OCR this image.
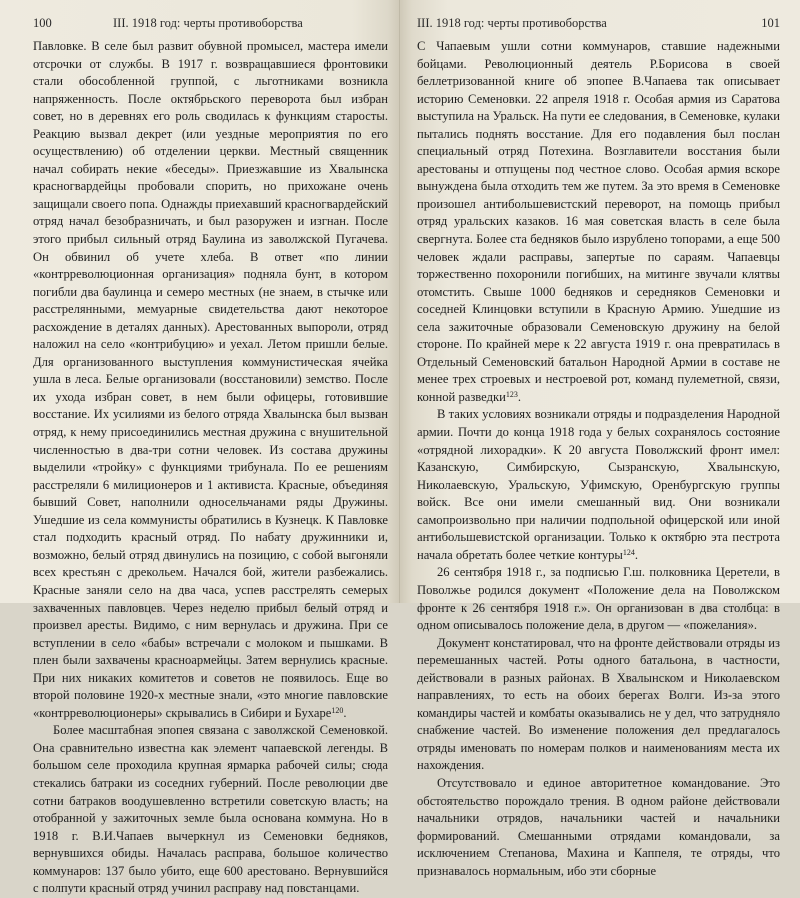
100	III. 1918 год: черты противоборства

Павловке. В селе был развит обувной промысел, мастера имели отсрочки от службы. В 1917 г. возвращавшиеся фронтовики стали обособленной группой, с льготниками возникла напряженность. После октябрьского переворота был избран совет, но в деревнях его роль сводилась к функциям старосты. Реакцию вызвал декрет (или уездные мероприятия по его осуществлению) об отделении церкви. Местный священник начал собирать некие «беседы». Приезжавшие из Хвалынска красногвардейцы пробовали спорить, но прихожане очень защищали своего попа. Однажды приехавший красногвардейский отряд начал безобразничать, и был разоружен и изгнан. После этого прибыл сильный отряд Баулина из заволжской Пугачева. Он обвинил об учете хлеба. В ответ «по линии «контрреволюционная организация» подняла бунт, в котором погибли два баулинца и семеро местных (не знаем, в стычке или расстрелянными, мемуарные свидетельства дают некоторое расхождение в деталях данных). Арестованных выпороли, отряд наложил на село «контрибуцию» и уехал. Летом пришли белые. Для организованного выступления коммунистическая ячейка ушла в леса. Белые организовали (восстановили) земство. После их ухода избран совет, в нем были офицеры, готовившие восстание. Их усилиями из белого отряда Хвалынска был вызван отряд, к нему присоединились местная дружина с внушительной численностью в два-три сотни человек. Из состава дружины выделили «тройку» с функциями трибунала. По ее решениям расстреляли 6 милиционеров и 1 активиста. Красные, объединяя бывший Совет, наполнили односельчанами ряды Дружины. Ушедшие из села коммунисты обратились в Кузнецк. К Павловке стал подходить красный отряд. По набату дружинники и, возможно, белый отряд двинулись на позицию, с собой выгоняли всех крестьян с дрекольем. Начался бой, жители разбежались. Красные заняли село на два часа, успев расстрелять семерых захваченных павловцев. Через неделю прибыл белый отряд и произвел аресты. Видимо, с ним вернулась и дружина. При се вступлении в село «бабы» встречали с молоком и пышками. В плен были захвачены красноармейцы. Затем вернулись красные. При них никаких комитетов и советов не появилось. Еще во второй половине 1920-х местные знали, «это многие павловские «контрреволюционеры» скрывались в Сибири и Бухаре$^{120}$.

Более масштабная эпопея связана с заволжской Семеновкой. Она сравнительно известна как элемент чапаевской легенды. В большом селе проходила крупная ярмарка рабочей силы; сюда стекались батраки из соседних губерний. После революции две сотни батраков воодушевленно встретили советскую власть; на отобранной у зажиточных земле была основана коммуна. Но в 1918 г. В.И.Чапаев вычеркнул из Семеновки бедняков, вернувшихся обиды. Началась расправа, большое количество коммунаров: 137 было убито, еще 600 арестовано. Вернувшийся с полпути красный отряд учинил расправу над повстанцами.

III. 1918 год: черты противоборства	101

С Чапаевым ушли сотни коммунаров, ставшие надежными бойцами. Революционный деятель Р.Борисова в своей беллетризованной книге об эпопее В.Чапаева так описывает историю Семеновки. 22 апреля 1918 г. Особая армия из Саратова выступила на Уральск. На пути ее следования, в Семеновке, кулаки пытались поднять восстание. Для его подавления был послан специальный отряд Потехина. Возглавители восстания были арестованы и отпущены под честное слово. Особая армия вскоре вынуждена была отходить тем же путем. За это время в Семеновке произошел антибольшевистский переворот, на помощь прибыл отряд уральских казаков. 16 мая советская власть в селе была свергнута. Более ста бедняков было изрублено топорами, а еще 500 человек ждали расправы, запертые по сараям. Чапаевцы торжественно похоронили погибших, на митинге звучали клятвы отомстить. Свыше 1000 бедняков и середняков Семеновки и соседней Клинцовки вступили в Красную Армию. Ушедшие из села зажиточные образовали Семеновскую дружину на белой стороне. По крайней мере к 22 августа 1919 г. она превратилась в Отдельный Семеновский батальон Народной Армии в составе не менее трех строевых и нестроевой рот, команд пулеметной, связи, конной разведки$^{123}$.

В таких условиях возникали отряды и подразделения Народной армии. Почти до конца 1918 года у белых сохранялось состояние «отрядной лихорадки». К 20 августа Поволжский фронт имел: Казанскую, Симбирскую, Сызранскую, Хвалынскую, Николаевскую, Уральскую, Уфимскую, Оренбургскую группы войск. Все они имели смешанный вид. Они возникали самопроизвольно при наличии подпольной офицерской или иной антибольшевистской организации. Только к октябрю эта пестрота начала обретать более четкие контуры$^{124}$.

26 сентября 1918 г., за подписью Г.ш. полковника Церетели, в Поволжье родился документ «Положение дела на Поволжском фронте к 26 сентября 1918 г.». Он организован в два столбца: в одном описывалось положение дела, в другом — «пожелания».

Документ констатировал, что на фронте действовали отряды из перемешанных частей. Роты одного батальона, в частности, действовали в разных районах. В Хвалынском и Николаевском направлениях, то есть на обоих берегах Волги. Из-за этого командиры частей и комбаты оказывались не у дел, что затрудняло снабжение частей. Во изменение положения дел предлагалось отряды именовать по номерам полков и наименованиям места их нахождения.

Отсутствовало и единое авторитетное командование. Это обстоятельство порождало трения. В одном районе действовали начальники отрядов, начальники частей и начальники формирований. Смешанными отрядами командовали, за исключением Степанова, Махина и Каппеля, те отряды, что признавалось нормальным, ибо эти сборные
